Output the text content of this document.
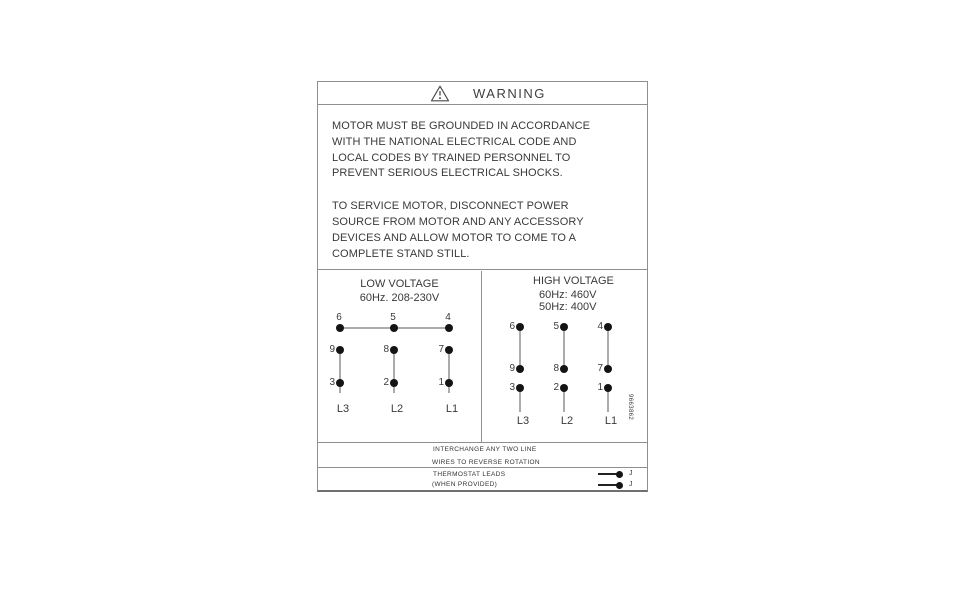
WARNING
MOTOR MUST BE GROUNDED IN ACCORDANCE
WITH THE NATIONAL ELECTRICAL CODE AND
LOCAL CODES BY TRAINED PERSONNEL TO
PREVENT SERIOUS ELECTRICAL SHOCKS.
TO SERVICE MOTOR, DISCONNECT POWER
SOURCE FROM MOTOR AND ANY ACCESSORY
DEVICES AND ALLOW MOTOR TO COME TO A
COMPLETE STAND STILL.
LOW VOLTAGE
60Hz. 208-230V
6
9
3
L3
5
8
2
L2
4
7
1
L1
HIGH VOLTAGE
60Hz: 460V
50Hz: 400V
6
9
3
L3
5
8
2
L2
4
7
1
L1
9663862
INTERCHANGE ANY TWO LINE
WIRES TO REVERSE ROTATION
THERMOSTAT LEADS
(WHEN PROVIDED)
J
J
